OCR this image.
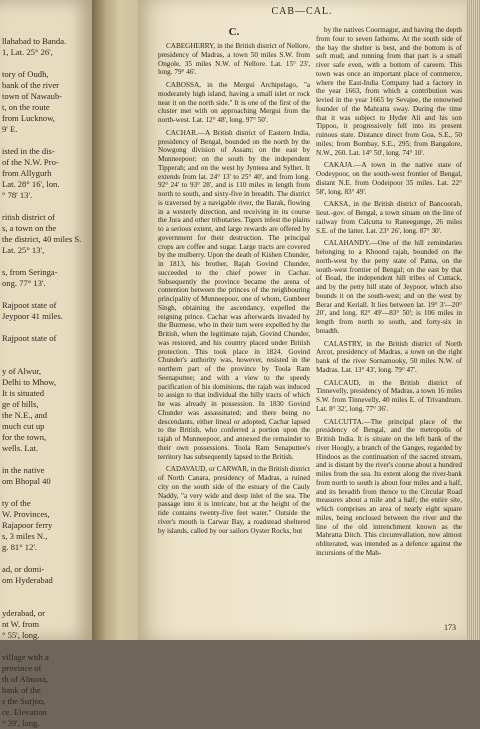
llahabad to Banda.
1, Lat. 25° 26',

tory of Oudh,
bank of the river
town of Nawaub-
t, on the route
from Lucknow,
9' E.

isted in the dis-
of the N.W. Pro-
from Allygurh
Lat. 28° 16', lon.
° 78' 13'.

ritish district of
s, a town on the
the district, 40 miles S.
Lat. 25° 13',

s, from Seringa-
ong. 77° 13'.

Rajpoot state of
Jeypoor 41 miles.

Rajpoot state of

y of Alwur,
Delhi to Mhow,
It is situated
ge of hills,
the N.E., and
much cut up
for the town,
wells. Lat.

in the native
om Bhopal 40

ty of the
W. Provinces,
Rajapoor ferry
s, 3 miles N.,
g. 81° 12'.

ad, or domi-
om Hyderabad

yderabad, or
nt W. from
° 55', long.

village with a
province of
th of Almora,
bank of the
s the Surjoo,
ce. Elevation
° 39', long.
CAB—CAL.
C.

CABEGHERRY, in the British district of Nellore, presidency of Madras, a town 50 miles S.W. from Ongole, 35 miles N.W. of Nellore. Lat. 15° 23', long. 79° 46'.

CABOSSA, in the Mergui Archipelago, "a moderately high island, having a small islet or rock near it on the north side." It is one of the first of the cluster met with on approaching Mergui from the north-west. Lat. 12° 48', long. 97° 50'.

CACHAR.—A British district of Eastern India, presidency of Bengal, bounded on the north by the Nowgong division of Assam; on the east by Munneepoor; on the south by the independent Tipperah; and on the west by Jynteea and Sylhet. It extends from lat. 24° 13' to 25° 40', and from long. 92° 24' to 93° 28', and is 110 miles in length from north to south, and sixty-five in breadth. The district is traversed by a navigable river, the Barak, flowing in a westerly direction, and receiving in its course the Jura and other tributaries. Tigers infest the plains to a serious extent, and large rewards are offered by government for their destruction. The principal crops are coffee and sugar. Large tracts are covered by the mulberry. Upon the death of Kishen Chunder, in 1813, his brother, Rajah Govind Chunder, succeeded to the chief power in Cachar. Subsequently the province became the arena of contention between the princes of the neighbouring principality of Munneepoor, one of whom, Gumbeer Singh, obtaining the ascendancy, expelled the reigning prince. Cachar was afterwards invaded by the Burmese, who in their turn were expelled by the British, when the legitimate rajah, Govind Chunder, was restored, and his country placed under British protection. This took place in 1824. Govind Chunder's authority was, however, resisted in the northern part of the province by Toola Ram Seenaputtee; and with a view to the speedy pacification of his dominions, the rajah was induced to assign to that individual the hilly tracts of which he was already in possession. In 1830 Govind Chunder was assassinated; and there being no descendants, either lineal or adopted, Cachar lapsed to the British, who conferred a portion upon the rajah of Munneepoor, and annexed the remainder to their own possessions. Toola Ram Senaputtee's territory has subsequently lapsed to the British.

CADAVAUD, or CARWAR, in the British district of North Canara, presidency of Madras, a ruined city on the south side of the estuary of the Cauly Naddy, "a very wide and deep inlet of the sea. The passage into it is intricate, but at the height of the tide contains twenty-five feet water." Outside the river's mouth is Carwar Bay, a roadstead sheltered by islands, called by our sailors Oyster Rocks, but

by the natives Coormagur, and having the depth from four to seven fathoms. At the south side of the bay the shelter is best, and the bottom is of soft mud; and running from that part is a small river safe even, with a bottom of careem. This town was once an important place of commerce, where the East-India Company had a factory in the year 1663, from which a contribution was levied in the year 1665 by Sevajee, the renowned founder of the Mahratta sway. During the time that it was subject to Hyder Ali and his son Tippoo, it progressively fell into its present ruinous state. Distance direct from Goa, S.E., 50 miles; from Bombay, S.E., 295; from Bangalore, N.W., 260. Lat. 14° 50', long. 74° 10'.

CAKAJA.—A town in the native state of Oodeypoor, on the south-west frontier of Bengal, distant N.E. from Oodeipoor 35 miles. Lat. 22° 58', long. 83° 49'.

CAKSA, in the British district of Bancoorah, lieut.-gov. of Bengal, a town situate on the line of railway from Calcutta to Raneegunge, 26 miles S.E. of the latter. Lat. 23° 26', long. 87° 30'.

CALAHANDY.—One of the hill zemindaries belonging to a Khoond rajah, bounded on the north-west by the petty state of Patna, on the south-west frontier of Bengal; on the east by that of Boad, the independent hill tribes of Cuttack, and by the petty hill state of Jeypoor, which also bounds it on the south-west; and on the west by Berar and Keriall. It lies between lat. 19° 3'—20° 20', and long. 82° 49'—83° 50'; is 106 miles in length from north to south, and forty-six in breadth.

CALASTRY, in the British district of North Arcot, presidency of Madras, a town on the right bank of the river Sornamooky, 50 miles N.W. of Madras. Lat. 13° 43', long. 79° 47'.

CALCAUD, in the British district of Tinnevelly, presidency of Madras, a town 16 miles S.W. from Tinnevelly, 40 miles E. of Trivandrum. Lat. 8° 32', long. 77° 36'.

CALCUTTA.—The principal place of the presidency of Bengal, and the metropolis of British India. It is situate on the left bank of the river Hoogly, a branch of the Ganges, regarded by Hindoos as the continuation of the sacred stream, and is distant by the river's course about a hundred miles from the sea. Its extent along the river-bank from north to south is about four miles and a half, and its breadth from thence to the Circular Road measures about a mile and a half; the entire site, which comprises an area of nearly eight square miles, being enclosed between the river and the line of the old intrenchment known as the Mahratta Ditch. This circumvallation, now almost obliterated, was intended as a defence against the incursions of the Mah-

173
